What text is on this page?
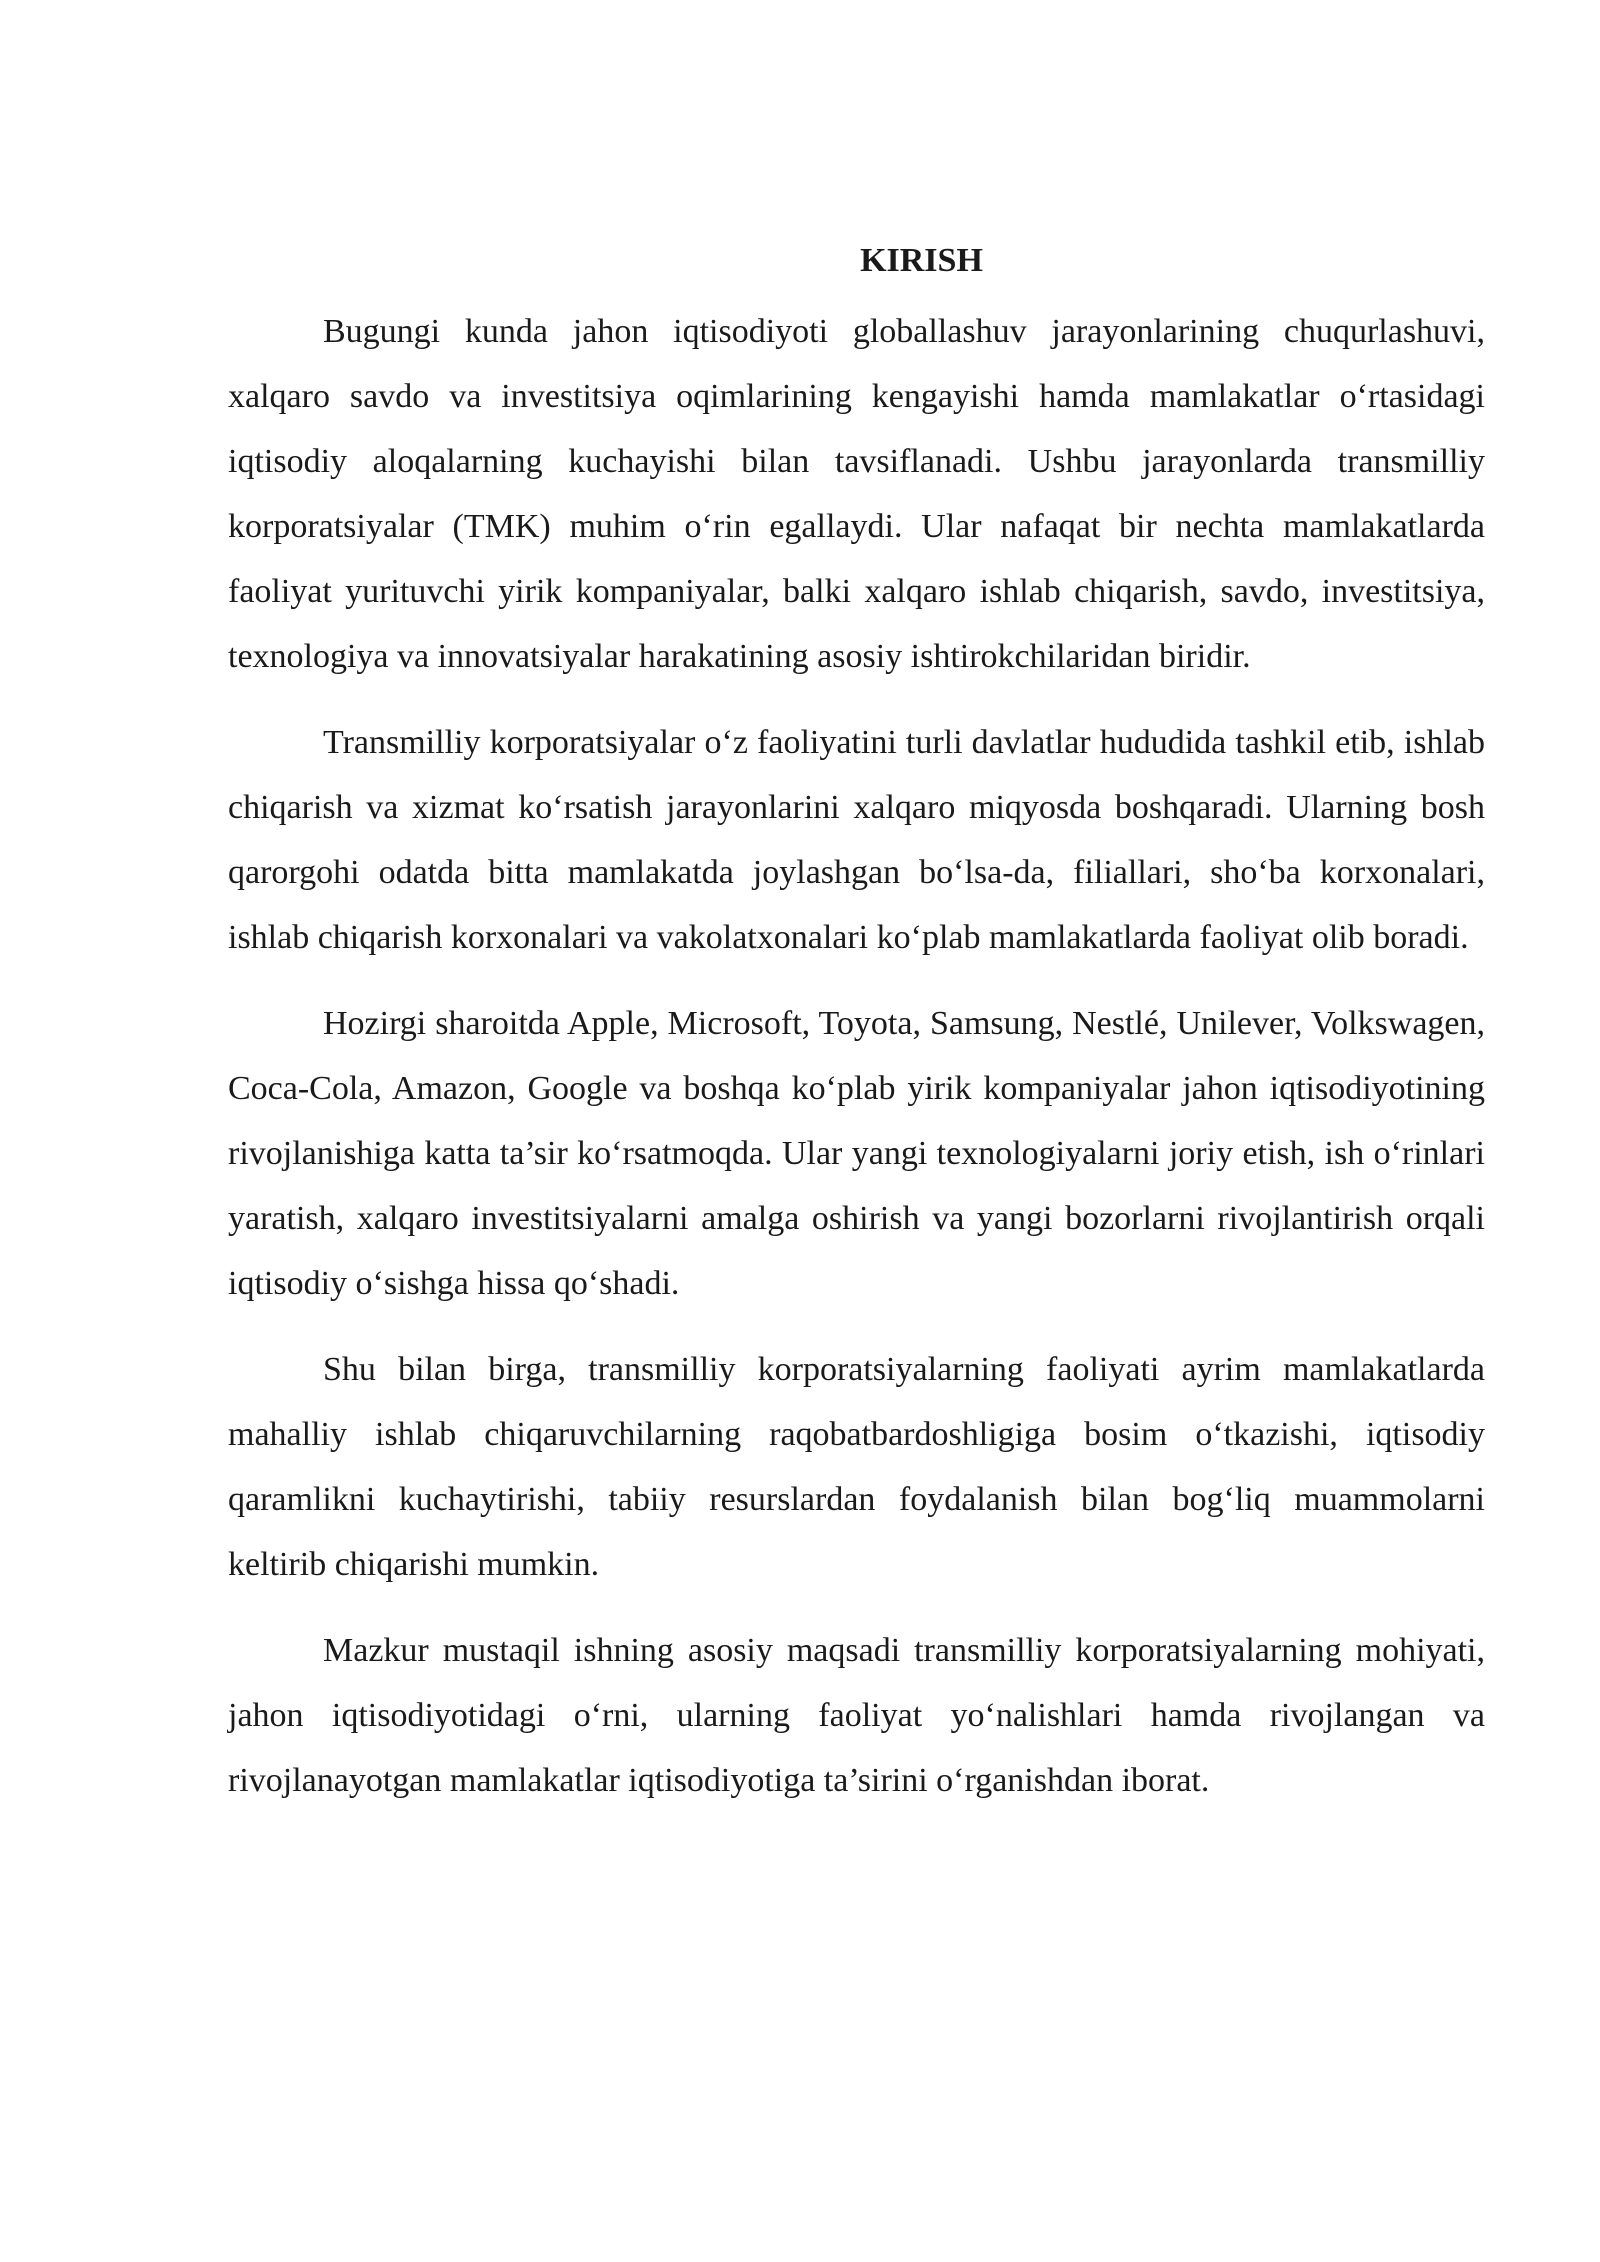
KIRISH

Bugungi kunda jahon iqtisodiyoti globallashuv jarayonlarining chuqurlashuvi, xalqaro savdo va investitsiya oqimlarining kengayishi hamda mamlakatlar o‘rtasidagi iqtisodiy aloqalarning kuchayishi bilan tavsiflanadi. Ushbu jarayonlarda transmilliy korporatsiyalar (TMK) muhim o‘rin egallaydi. Ular nafaqat bir nechta mamlakatlarda faoliyat yurituvchi yirik kompaniyalar, balki xalqaro ishlab chiqarish, savdo, investitsiya, texnologiya va innovatsiyalar harakatining asosiy ishtirokchilaridan biridir.

Transmilliy korporatsiyalar o‘z faoliyatini turli davlatlar hududida tashkil etib, ishlab chiqarish va xizmat ko‘rsatish jarayonlarini xalqaro miqyosda boshqaradi. Ularning bosh qarorgohi odatda bitta mamlakatda joylashgan bo‘lsa-da, filiallari, sho‘ba korxonalari, ishlab chiqarish korxonalari va vakolatxonalari ko‘plab mamlakatlarda faoliyat olib boradi.

Hozirgi sharoitda Apple, Microsoft, Toyota, Samsung, Nestlé, Unilever, Volkswagen, Coca-Cola, Amazon, Google va boshqa ko‘plab yirik kompaniyalar jahon iqtisodiyotining rivojlanishiga katta ta’sir ko‘rsatmoqda. Ular yangi texnologiyalarni joriy etish, ish o‘rinlari yaratish, xalqaro investitsiyalarni amalga oshirish va yangi bozorlarni rivojlantirish orqali iqtisodiy o‘sishga hissa qo‘shadi.

Shu bilan birga, transmilliy korporatsiyalarning faoliyati ayrim mamlakatlarda mahalliy ishlab chiqaruvchilarning raqobatbardoshligiga bosim o‘tkazishi, iqtisodiy qaramlikni kuchaytirishi, tabiiy resurslardan foydalanish bilan bog‘liq muammolarni keltirib chiqarishi mumkin.

Mazkur mustaqil ishning asosiy maqsadi transmilliy korporatsiyalarning mohiyati, jahon iqtisodiyotidagi o‘rni, ularning faoliyat yo‘nalishlari hamda rivojlangan va rivojlanayotgan mamlakatlar iqtisodiyotiga ta’sirini o‘rganishdan iborat.
